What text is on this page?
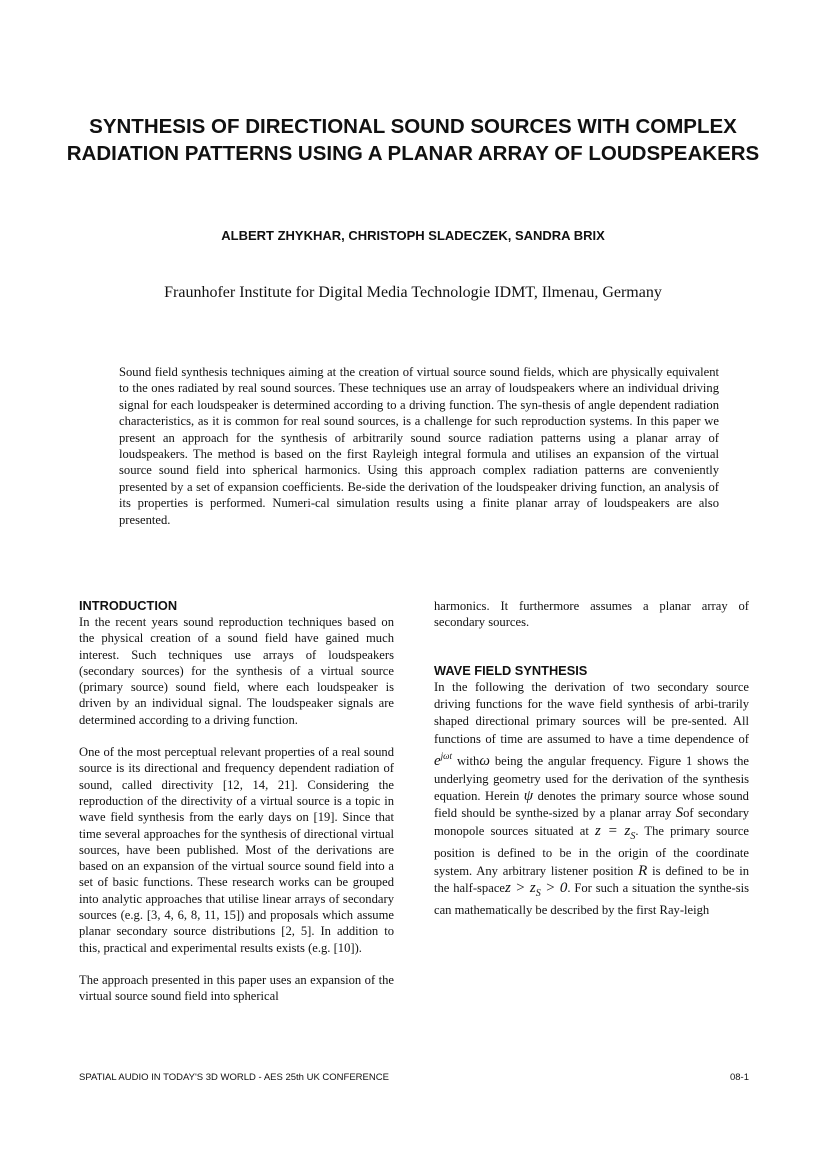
SYNTHESIS OF DIRECTIONAL SOUND SOURCES WITH COMPLEX RADIATION PATTERNS USING A PLANAR ARRAY OF LOUDSPEAKERS
ALBERT ZHYKHAR, CHRISTOPH SLADECZEK, SANDRA BRIX
Fraunhofer Institute for Digital Media Technologie IDMT, Ilmenau, Germany
Sound field synthesis techniques aiming at the creation of virtual source sound fields, which are physically equivalent to the ones radiated by real sound sources. These techniques use an array of loudspeakers where an individual driving signal for each loudspeaker is determined according to a driving function. The syn-thesis of angle dependent radiation characteristics, as it is common for real sound sources, is a challenge for such reproduction systems. In this paper we present an approach for the synthesis of arbitrarily sound source radiation patterns using a planar array of loudspeakers. The method is based on the first Rayleigh integral formula and utilises an expansion of the virtual source sound field into spherical harmonics. Using this approach complex radiation patterns are conveniently presented by a set of expansion coefficients. Be-side the derivation of the loudspeaker driving function, an analysis of its properties is performed. Numeri-cal simulation results using a finite planar array of loudspeakers are also presented.
INTRODUCTION

In the recent years sound reproduction techniques based on the physical creation of a sound field have gained much interest. Such techniques use arrays of loudspeakers (secondary sources) for the synthesis of a virtual source (primary source) sound field, where each loudspeaker is driven by an individual signal. The loudspeaker signals are determined according to a driving function.

One of the most perceptual relevant properties of a real sound source is its directional and frequency dependent radiation of sound, called directivity [12, 14, 21]. Considering the reproduction of the directivity of a virtual source is a topic in wave field synthesis from the early days on [19]. Since that time several approaches for the synthesis of directional virtual sources, have been published. Most of the derivations are based on an expansion of the virtual source sound field into a set of basic functions. These research works can be grouped into analytic approaches that utilise linear arrays of secondary sources (e.g. [3, 4, 6, 8, 11, 15]) and proposals which assume planar secondary source distributions [2, 5]. In addition to this, practical and experimental results exists (e.g. [10]).

The approach presented in this paper uses an expansion of the virtual source sound field into spherical

harmonics. It furthermore assumes a planar array of secondary sources.

WAVE FIELD SYNTHESIS

In the following the derivation of two secondary source driving functions for the wave field synthesis of arbi-trarily shaped directional primary sources will be pre-sented. All functions of time are assumed to have a time dependence of $e^{j\omega t}$ withω being the angular frequency. Figure 1 shows the underlying geometry used for the derivation of the synthesis equation. Herein ψ denotes the primary source whose sound field should be synthe-sized by a planar array Sof secondary monopole sources situated at $z = z_S$. The primary source position is defined to be in the origin of the coordinate system. Any arbitrary listener position R is defined to be in the half-spacez > $z_S > 0$. For such a situation the synthe-sis can mathematically be described by the first Ray-leigh

SPATIAL AUDIO IN TODAY'S 3D WORLD - AES 25th UK CONFERENCE	08-1
